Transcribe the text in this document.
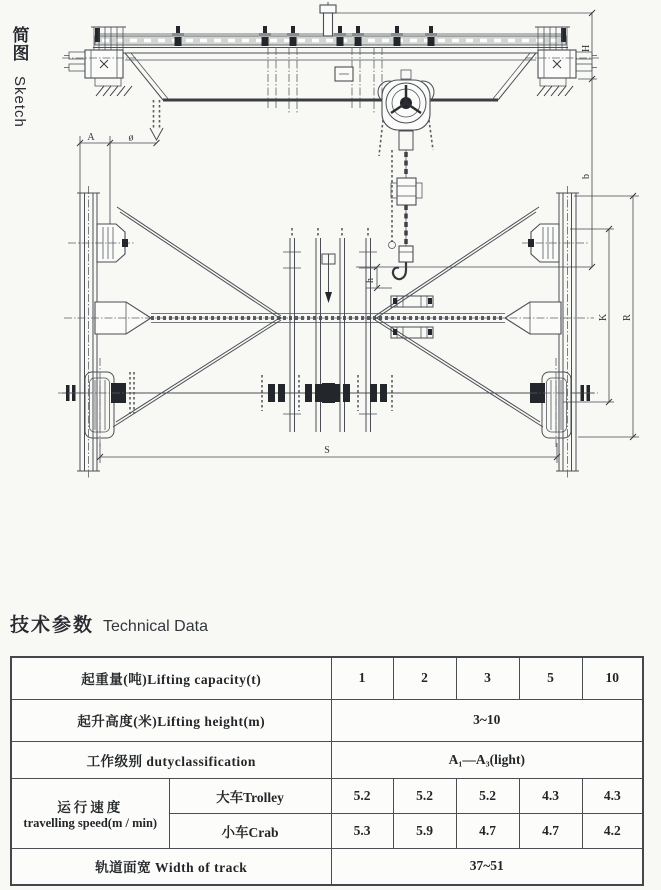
简图
Sketch
A	ø
H
b
h
K R
S
技术参数 Technical Data
起重量(吨)Lifting capacity(t)		1	2	3	5	10
起升高度(米)Lifting height(m)		3~10				
工作级别 dutyclassification		A₁—A₃(light)				

运行速度
travelling speed(m / min)	大车Trolley	5.2	5.2	5.2	4.3	4.3
	小车Crab	5.3	5.9	4.7	4.7	4.2
轨道面宽 Width of track		37~51				
